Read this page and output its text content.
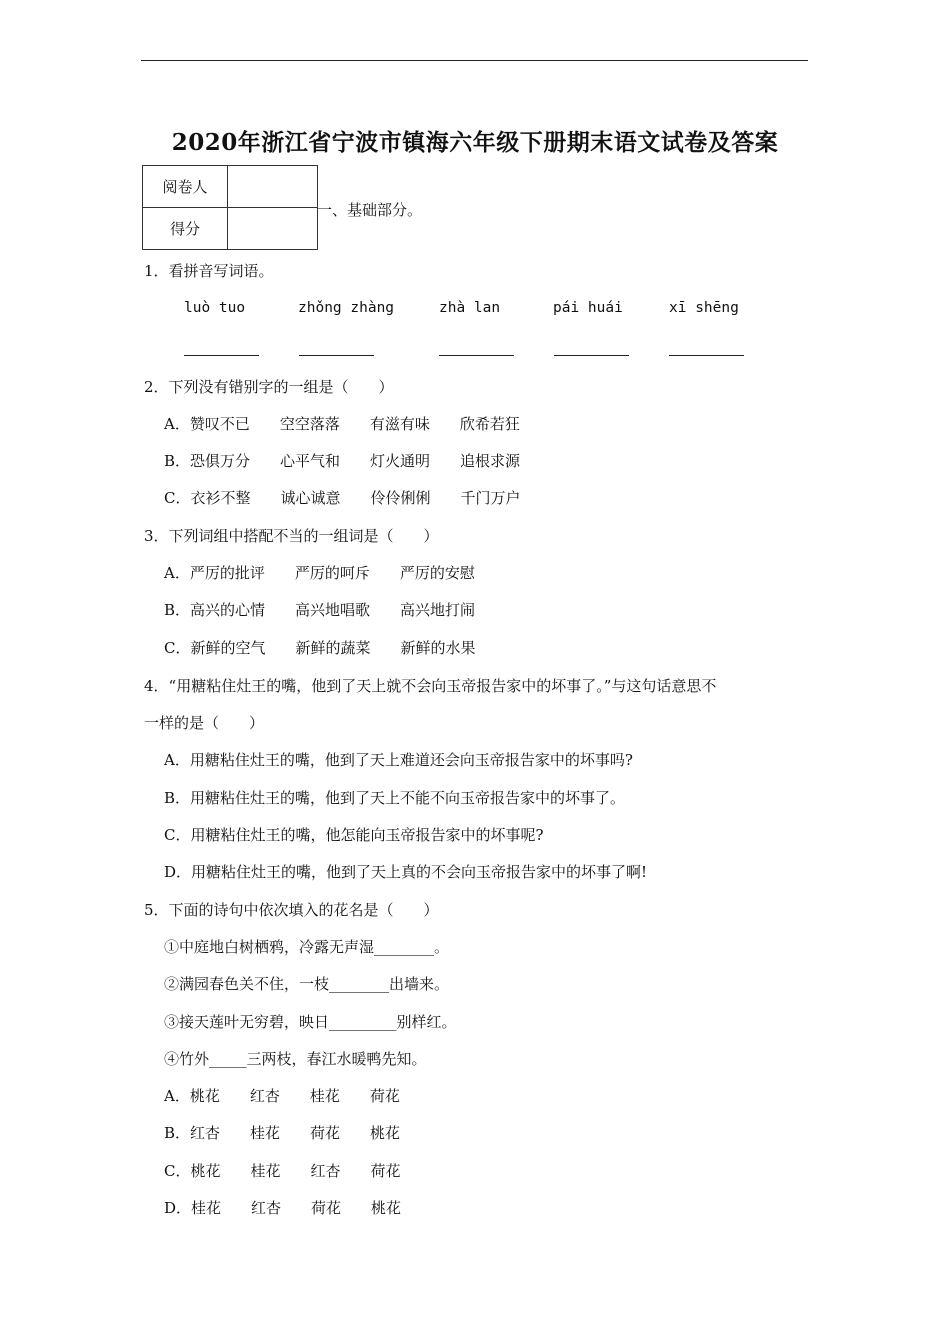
2020年浙江省宁波市镇海六年级下册期末语文试卷及答案
阅卷人	
得分	
一、基础部分。
1．看拼音写词语。
luò tuo	zhǒng zhàng	zhà lan	pái huái	xī shēng
2．下列没有错别字的一组是（　　）
A．赞叹不已　　空空落落　　有滋有味　　欣希若狂
B．恐俱万分　　心平气和　　灯火通明　　追根求源
C．衣衫不整　　诚心诚意　　伶伶俐俐　　千门万户
3．下列词组中搭配不当的一组词是（　　）
A．严厉的批评　　严厉的呵斥　　严厉的安慰
B．高兴的心情　　高兴地唱歌　　高兴地打闹
C．新鲜的空气　　新鲜的蔬菜　　新鲜的水果
4．“用糖粘住灶王的嘴，他到了天上就不会向玉帝报告家中的坏事了。”与这句话意思不
一样的是（　　）
A．用糖粘住灶王的嘴，他到了天上难道还会向玉帝报告家中的坏事吗?
B．用糖粘住灶王的嘴，他到了天上不能不向玉帝报告家中的坏事了。
C．用糖粘住灶王的嘴，他怎能向玉帝报告家中的坏事呢?
D．用糖粘住灶王的嘴，他到了天上真的不会向玉帝报告家中的坏事了啊!
5．下面的诗句中依次填入的花名是（　　）
①中庭地白树栖鸦，冷露无声湿________。
②满园春色关不住，一枝________出墙来。
③接天莲叶无穷碧，映日_________别样红。
④竹外_____三两枝，春江水暖鸭先知。
A．桃花　　红杏　　桂花　　荷花
B．红杏　　桂花　　荷花　　桃花
C．桃花　　桂花　　红杏　　荷花
D．桂花　　红杏　　荷花　　桃花
